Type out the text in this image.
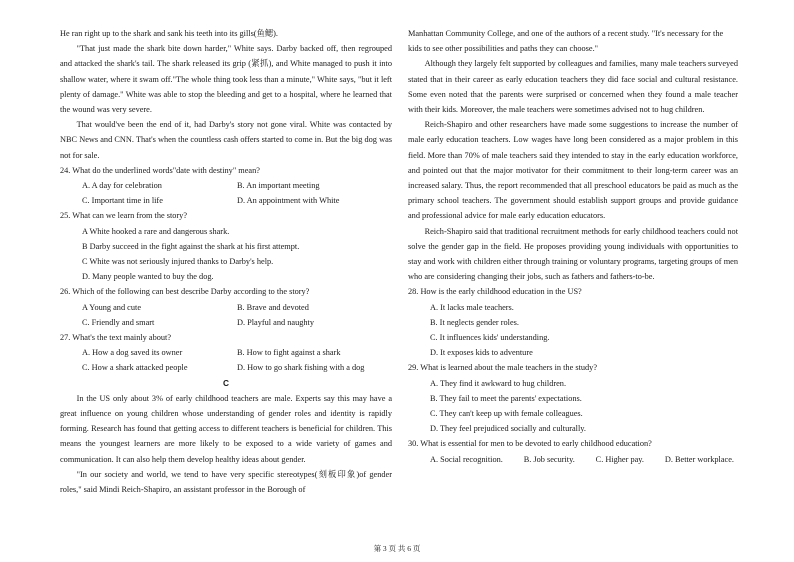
He ran right up to the shark and sank his teeth into its gills(鱼鳃).

"That just made the shark bite down harder," White says. Darby backed off, then regrouped and attacked the shark's tail. The shark released its grip (紧抓), and White managed to push it into shallow water, where it swam off."The whole thing took less than a minute," White says, "but it left plenty of damage." White was able to stop the bleeding and get to a hospital, where he learned that the wound was very severe.

That would've been the end of it, had Darby's story not gone viral. White was contacted by NBC News and CNN. That's when the countless cash offers started to come in. But the big dog was not for sale.

24. What do the underlined words"date with destiny" mean?

A. A day for celebration	B. An important meeting
C. Important time in life	D. An appointment with White

25. What can we learn from the story?

A White hooked a rare and dangerous shark.
B Darby succeed in the fight against the shark at his first attempt.
C White was not seriously injured thanks to Darby's help.
D. Many people wanted to buy the dog.

26. Which of the following can best describe Darby according to the story?

A Young and cute	B. Brave and devoted
C. Friendly and smart	D. Playful and naughty

27. What's the text mainly about?

A. How a dog saved its owner	B. How to fight against a shark
C. How a shark attacked people	D. How to go shark fishing with a dog
C

In the US only about 3% of early childhood teachers are male. Experts say this may have a great influence on young children whose understanding of gender roles and identity is rapidly forming. Research has found that getting access to different teachers is beneficial for children. This means the youngest learners are more likely to be exposed to a wide variety of games and communication. It can also help them develop healthy ideas about gender.

"In our society and world, we tend to have very specific stereotypes(刻板印象)of gender roles," said Mindi Reich-Shapiro, an assistant professor in the Borough of

Manhattan Community College, and one of the authors of a recent study. "It's necessary for the kids to see other possibilities and paths they can choose."

Although they largely felt supported by colleagues and families, many male teachers surveyed stated that in their career as early education teachers they did face social and cultural resistance. Some even noted that the parents were surprised or concerned when they found a male teacher with their kids. Moreover, the male teachers were sometimes advised not to hug children.

Reich-Shapiro and other researchers have made some suggestions to increase the number of male early education teachers. Low wages have long been considered as a major problem in this field. More than 70% of male teachers said they intended to stay in the early education workforce, and pointed out that the major motivator for their commitment to their long-term career was an increased salary. Thus, the report recommended that all preschool educators be paid as much as the primary school teachers. The government should establish support groups and provide guidance and professional advice for male early education educators.

Reich-Shapiro said that traditional recruitment methods for early childhood teachers could not solve the gender gap in the field. He proposes providing young individuals with opportunities to stay and work with children either through training or voluntary programs, targeting groups of men who are considering changing their jobs, such as fathers and fathers-to-be.

28. How is the early childhood education in the US?

A. It lacks male teachers.
B. It neglects gender roles.
C. It influences kids' understanding.
D. It exposes kids to adventure

29. What is learned about the male teachers in the study?

A. They find it awkward to hug children.
B. They fail to meet the parents' expectations.
C. They can't keep up with female colleagues.
D. They feel prejudiced socially and culturally.

30. What is essential for men to be devoted to early childhood education?

A. Social recognition.	B. Job security.	C. Higher pay.	D. Better workplace.
第 3 页 共 6 页
